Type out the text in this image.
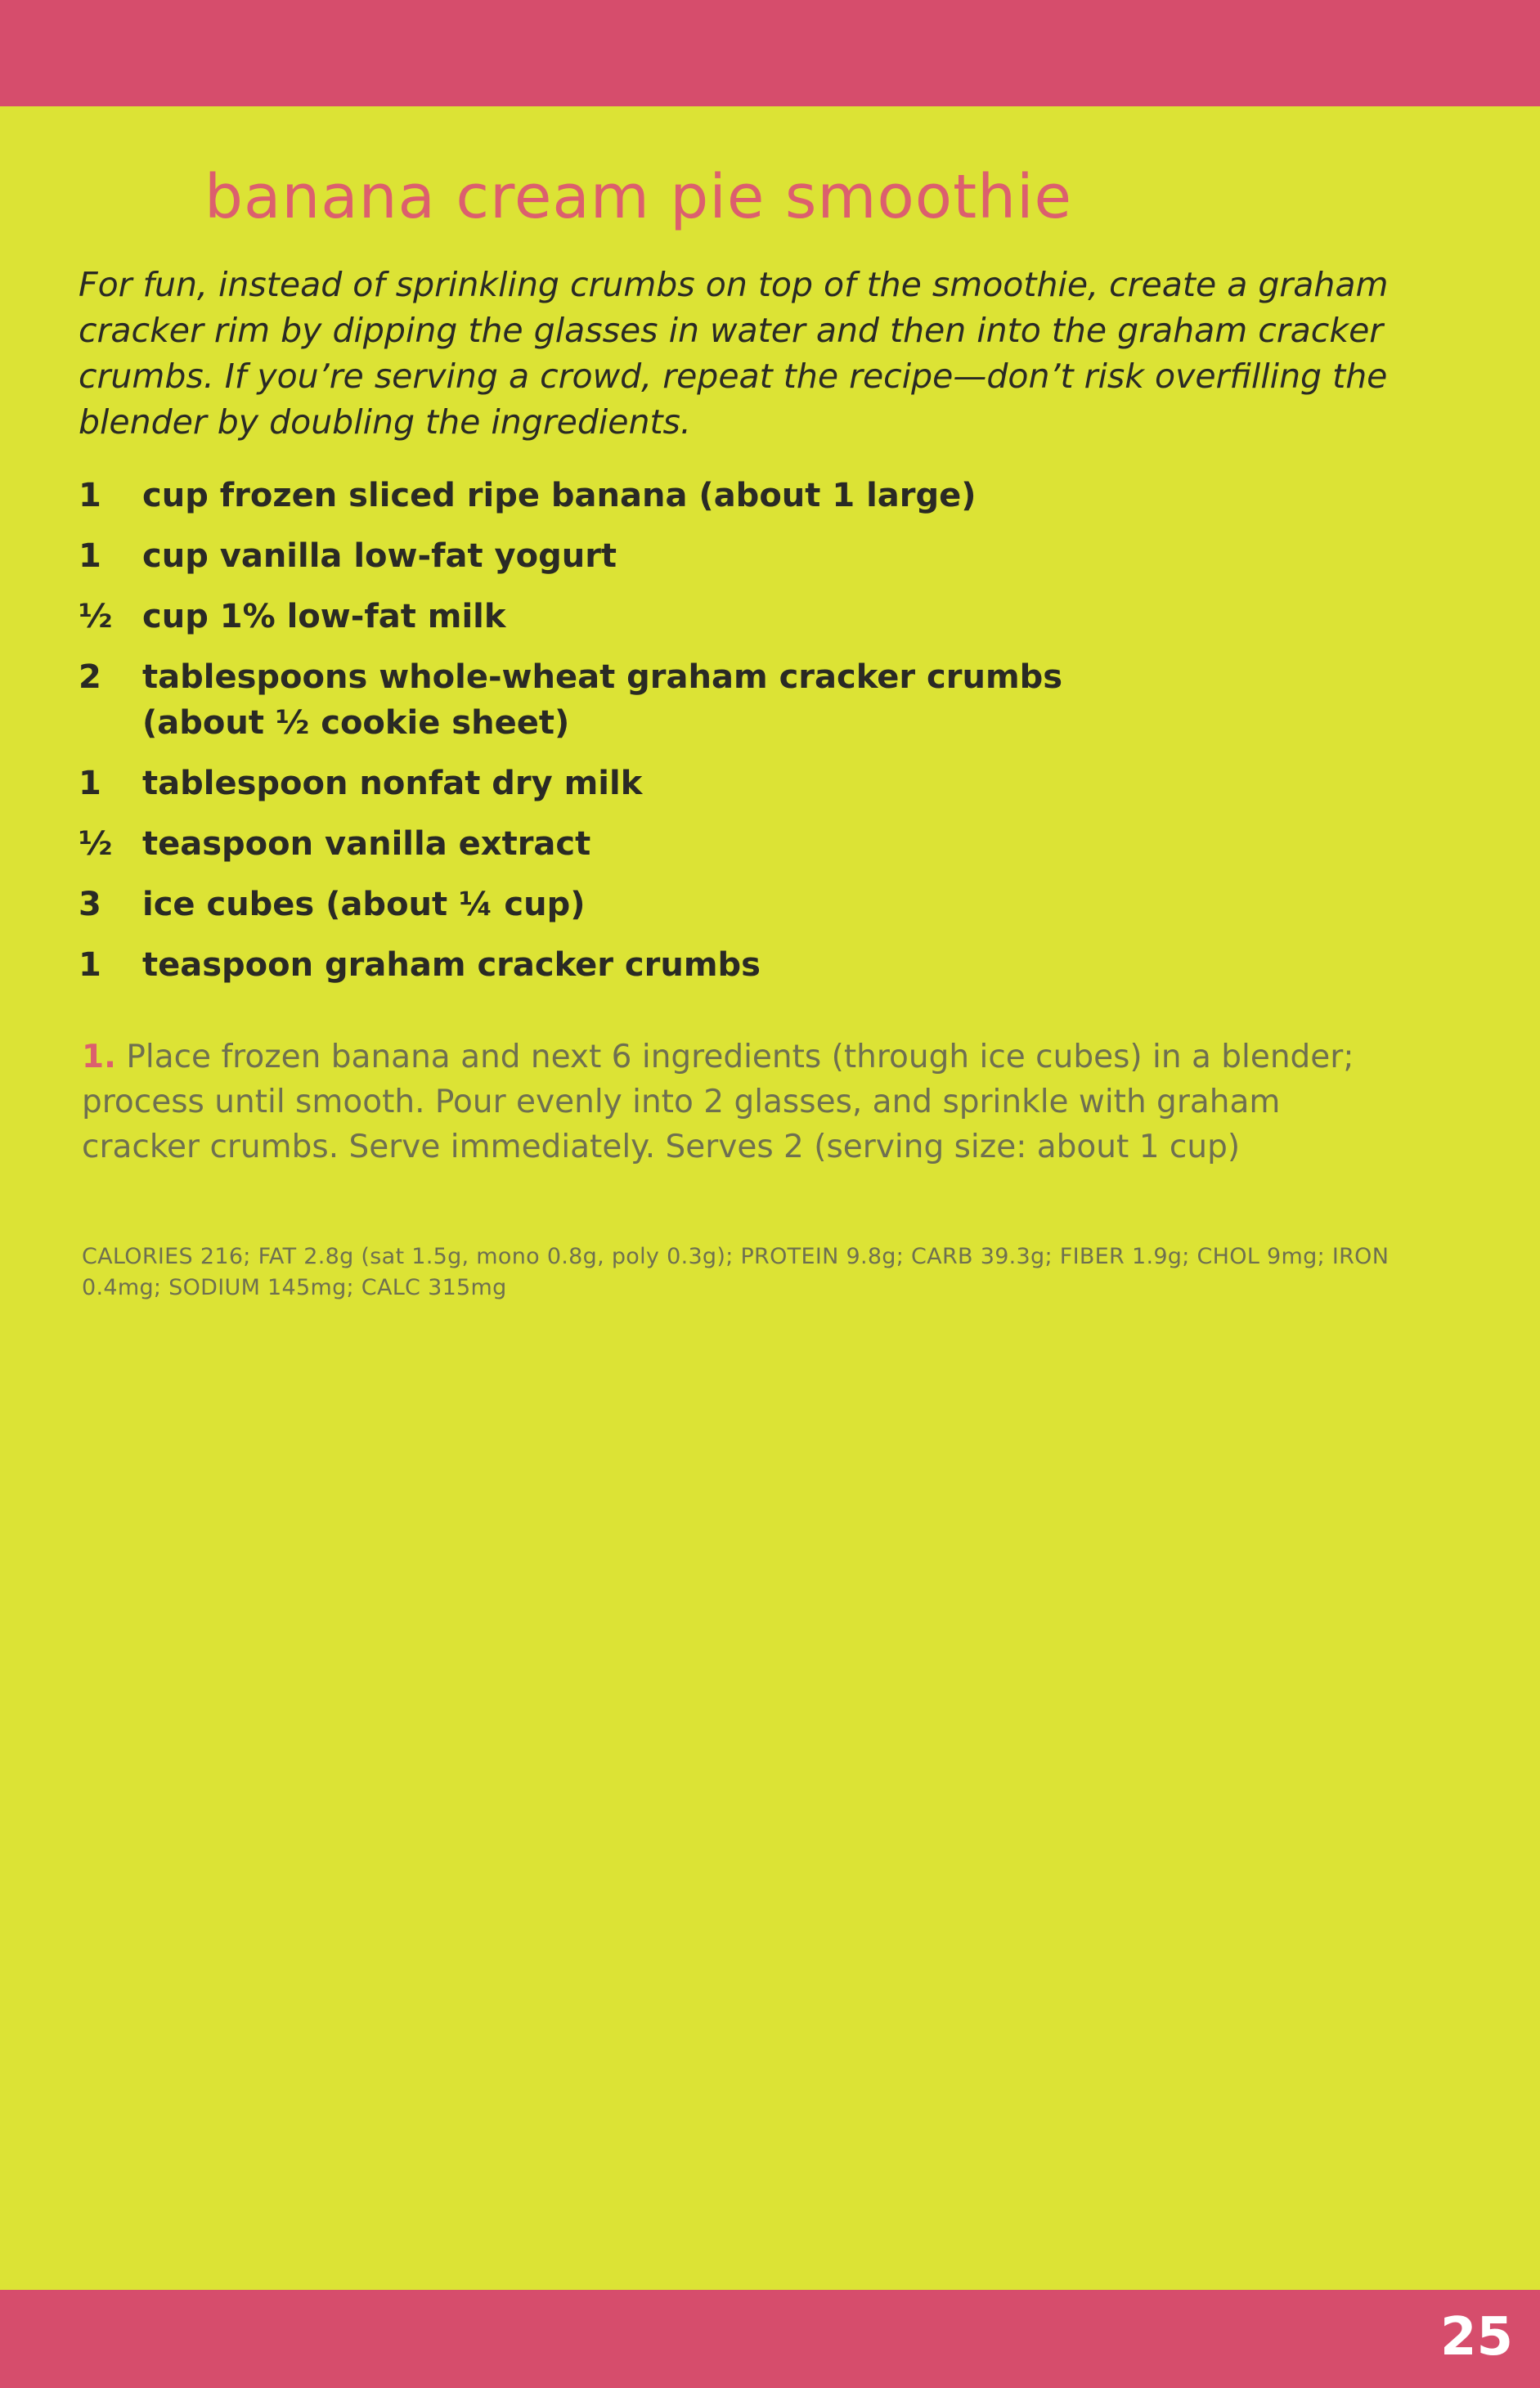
banana cream pie smoothie

For fun, instead of sprinkling crumbs on top of the smoothie, create a graham cracker rim by dipping the glasses in water and then into the graham cracker crumbs. If you’re serving a crowd, repeat the recipe—don’t risk overfilling the blender by doubling the ingredients.

1	cup frozen sliced ripe banana (about 1 large)
1	cup vanilla low-fat yogurt
½ cup 1% low-fat milk
2	tablespoons whole-wheat graham cracker crumbs (about ½ cookie sheet)
1	tablespoon nonfat dry milk
½ teaspoon vanilla extract
3	ice cubes (about ¼ cup)
1	teaspoon graham cracker crumbs

1. Place frozen banana and next 6 ingredients (through ice cubes) in a blender; process until smooth. Pour evenly into 2 glasses, and sprinkle with graham cracker crumbs. Serve immediately. Serves 2 (serving size: about 1 cup)

CALORIES 216; FAT 2.8g (sat 1.5g, mono 0.8g, poly 0.3g); PROTEIN 9.8g; CARB 39.3g; FIBER 1.9g; CHOL 9mg; IRON 0.4mg; SODIUM 145mg; CALC 315mg

25
